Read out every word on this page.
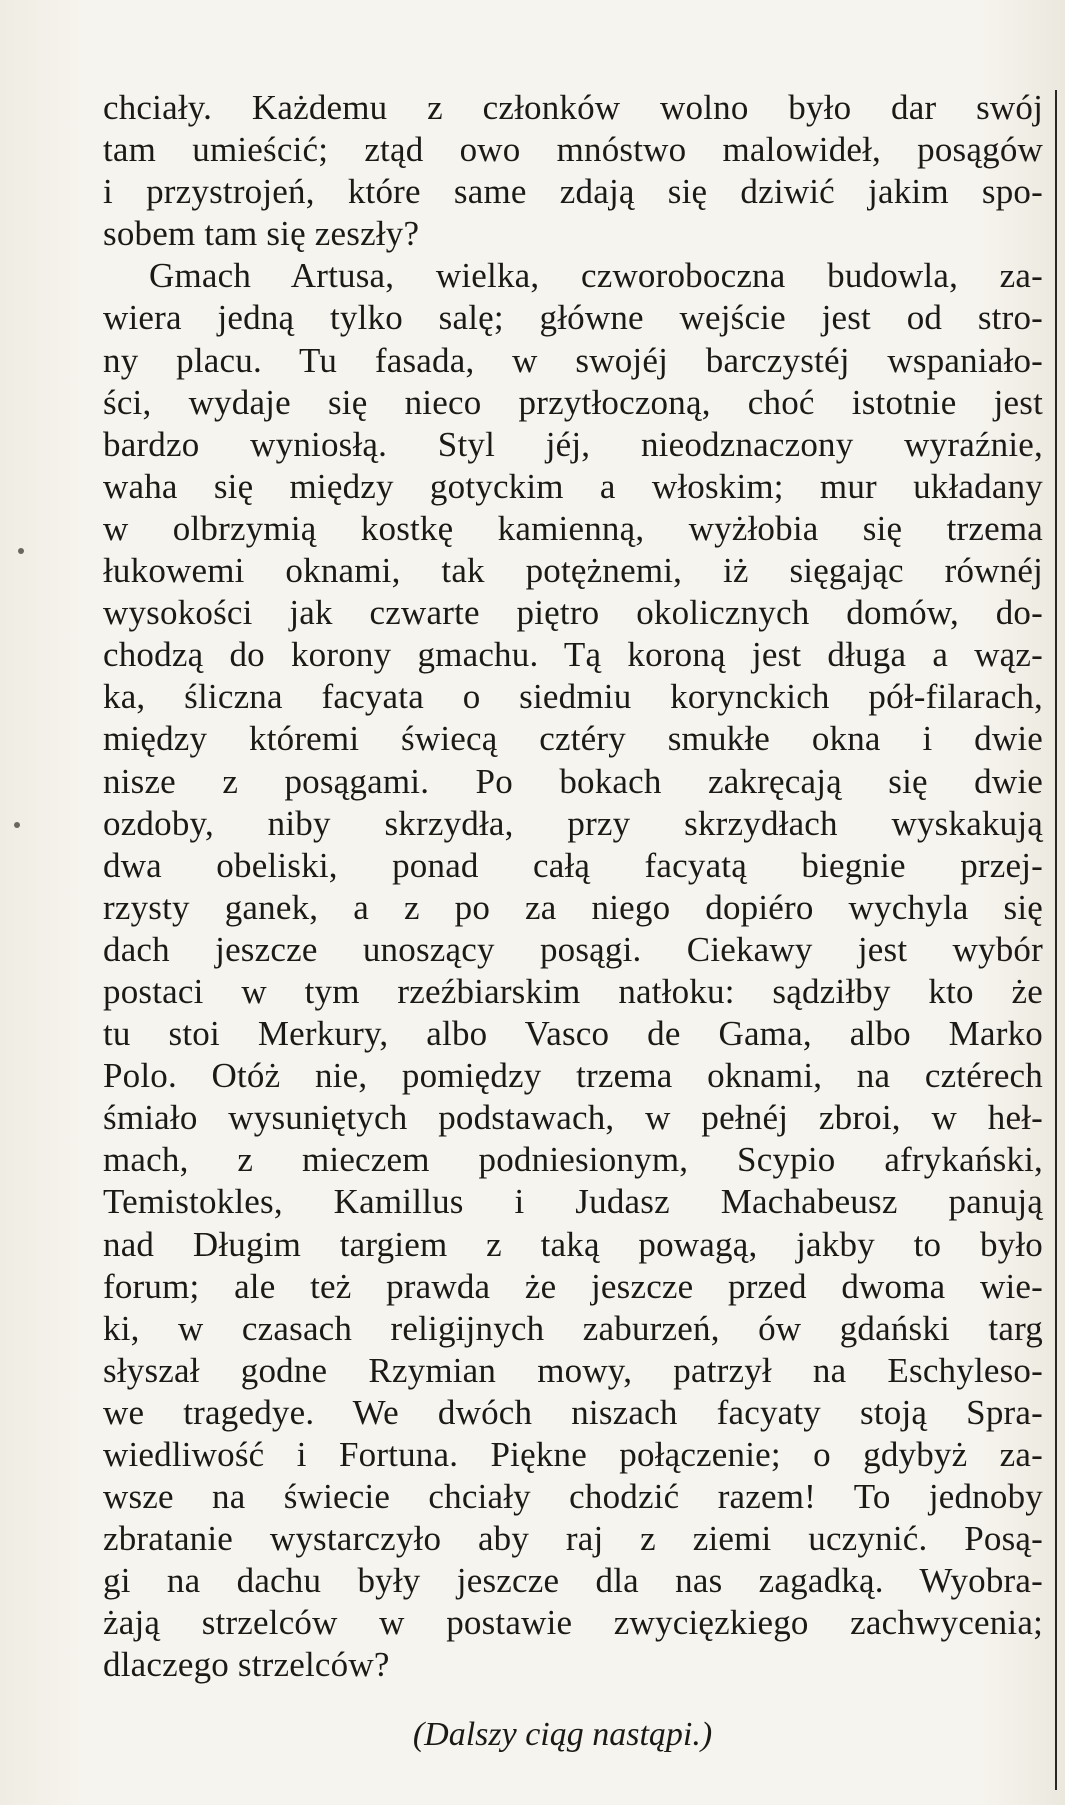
chciały. Każdemu z członków wolno było dar swój
tam umieścić; ztąd owo mnóstwo malowideł, posągów
i przystrojeń, które same zdają się dziwić jakim spo-
sobem tam się zeszły?
Gmach Artusa, wielka, czworoboczna budowla, za-
wiera jedną tylko salę; główne wejście jest od stro-
ny placu. Tu fasada, w swojéj barczystéj wspaniało-
ści, wydaje się nieco przytłoczoną, choć istotnie jest
bardzo wyniosłą. Styl jéj, nieodznaczony wyraźnie,
waha się między gotyckim a włoskim; mur układany
w olbrzymią kostkę kamienną, wyżłobia się trzema
łukowemi oknami, tak potężnemi, iż sięgając równéj
wysokości jak czwarte piętro okolicznych domów, do-
chodzą do korony gmachu. Tą koroną jest długa a wąz-
ka, śliczna facyata o siedmiu korynckich pół-filarach,
między któremi świecą cztéry smukłe okna i dwie
nisze z posągami. Po bokach zakręcają się dwie
ozdoby, niby skrzydła, przy skrzydłach wyskakują
dwa obeliski, ponad całą facyatą biegnie przej-
rzysty ganek, a z po za niego dopiéro wychyla się
dach jeszcze unoszący posągi. Ciekawy jest wybór
postaci w tym rzeźbiarskim natłoku: sądziłby kto że
tu stoi Merkury, albo Vasco de Gama, albo Marko
Polo. Otóż nie, pomiędzy trzema oknami, na cztérech
śmiało wysuniętych podstawach, w pełnéj zbroi, w heł-
mach, z mieczem podniesionym, Scypio afrykański,
Temistokles, Kamillus i Judasz Machabeusz panują
nad Długim targiem z taką powagą, jakby to było
forum; ale też prawda że jeszcze przed dwoma wie-
ki, w czasach religijnych zaburzeń, ów gdański targ
słyszał godne Rzymian mowy, patrzył na Eschyleso-
we tragedye. We dwóch niszach facyaty stoją Spra-
wiedliwość i Fortuna. Piękne połączenie; o gdybyż za-
wsze na świecie chciały chodzić razem! To jednoby
zbratanie wystarczyło aby raj z ziemi uczynić. Posą-
gi na dachu były jeszcze dla nas zagadką. Wyobra-
żają strzelców w postawie zwycięzkiego zachwycenia;
dlaczego strzelców?
(Dalszy ciąg nastąpi.)
